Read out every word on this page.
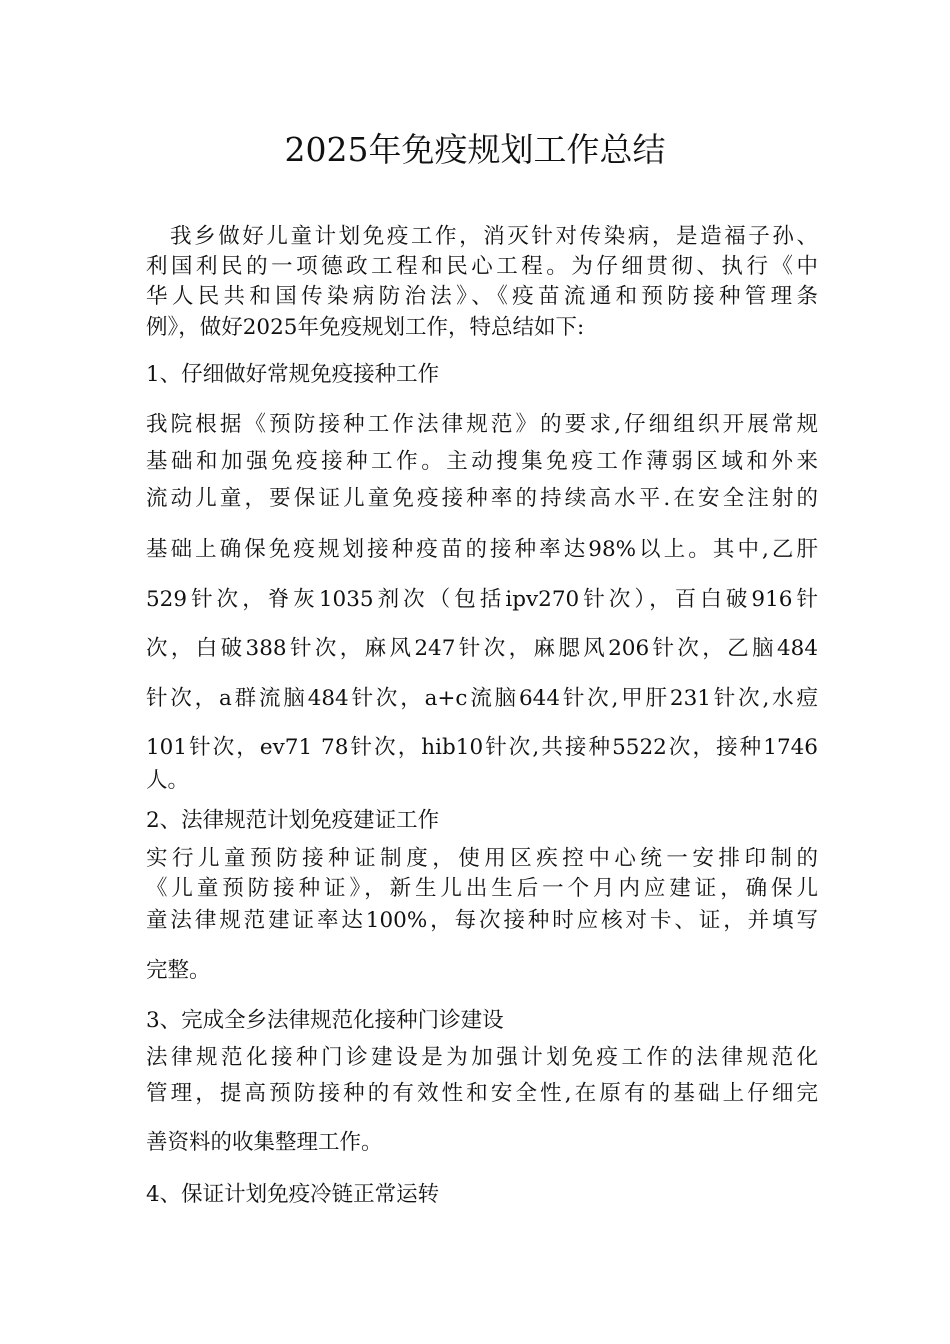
2025年免疫规划工作总结
我乡做好儿童计划免疫工作，消灭针对传染病，是造福子孙、
利国利民的一项德政工程和民心工程。为仔细贯彻、执行《中
华人民共和国传染病防治法》、《疫苗流通和预防接种管理条
例》，做好2025年免疫规划工作，特总结如下:
1、仔细做好常规免疫接种工作
我院根据《预防接种工作法律规范》的要求,仔细组织开展常规
基础和加强免疫接种工作。主动搜集免疫工作薄弱区域和外来
流动儿童，要保证儿童免疫接种率的持续高水平.在安全注射的
基础上确保免疫规划接种疫苗的接种率达98%以上。其中,乙肝
529针次，脊灰1035剂次（包括ipv270针次），百白破916针
次，白破388针次，麻风247针次，麻腮风206针次，乙脑484
针次，a群流脑484针次，a+c流脑644针次,甲肝231针次,水痘
101针次，ev71 78针次，hib10针次,共接种5522次，接种1746
人。
2、法律规范计划免疫建证工作
实行儿童预防接种证制度，使用区疾控中心统一安排印制的
《儿童预防接种证》，新生儿出生后一个月内应建证，确保儿
童法律规范建证率达100%，每次接种时应核对卡、证，并填写
完整。
3、完成全乡法律规范化接种门诊建设
法律规范化接种门诊建设是为加强计划免疫工作的法律规范化
管理，提高预防接种的有效性和安全性,在原有的基础上仔细完
善资料的收集整理工作。
4、保证计划免疫冷链正常运转
